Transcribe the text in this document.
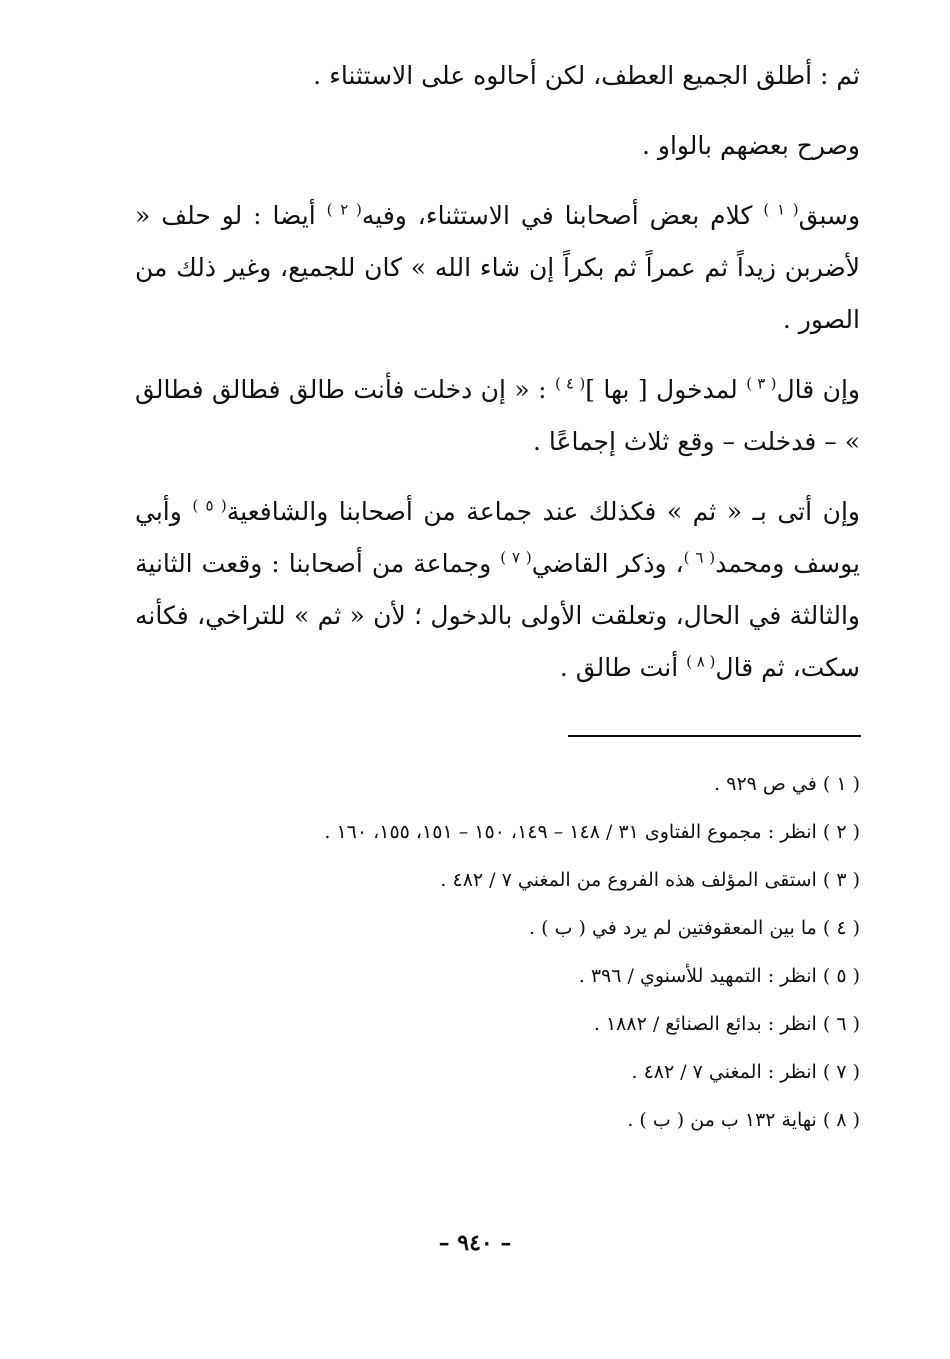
ثم : أطلق الجميع العطف، لكن أحالوه على الاستثناء .

وصرح بعضهم بالواو .

وسبق$^{( ١ )}$ كلام بعض أصحابنا في الاستثناء، وفيه$^{( ٢ )}$ أيضا : لو حلف « لأضربن زيداً ثم عمراً ثم بكراً إن شاء الله » كان للجميع، وغير ذلك من الصور .

وإن قال$^{( ٣ )}$ لمدخول [ بها ]$^{( ٤ )}$ : « إن دخلت فأنت طالق فطالق فطالق » – فدخلت – وقع ثلاث إجماعًا .

وإن أتى بـ « ثم » فكذلك عند جماعة من أصحابنا والشافعية$^{( ٥ )}$ وأبي يوسف ومحمد$^{( ٦ )}$، وذكر القاضي$^{( ٧ )}$ وجماعة من أصحابنا : وقعت الثانية والثالثة في الحال، وتعلقت الأولى بالدخول ؛ لأن « ثم » للتراخي، فكأنه سكت، ثم قال$^{( ٨ )}$ أنت طالق .

( ١ ) في ص ٩٢٩ .
( ٢ ) انظر : مجموع الفتاوى ٣١ / ١٤٨ – ١٤٩، ١٥٠ – ١٥١، ١٥٥، ١٦٠ .
( ٣ ) استقى المؤلف هذه الفروع من المغني ٧ / ٤٨٢ .
( ٤ ) ما بين المعقوفتين لم يرد في ( ب ) .
( ٥ ) انظر : التمهيد للأسنوي / ٣٩٦ .
( ٦ ) انظر : بدائع الصنائع / ١٨٨٢ .
( ٧ ) انظر : المغني ٧ / ٤٨٢ .
( ٨ ) نهاية ١٣٢ ب من ( ب ) .
– ٩٤٠ –
